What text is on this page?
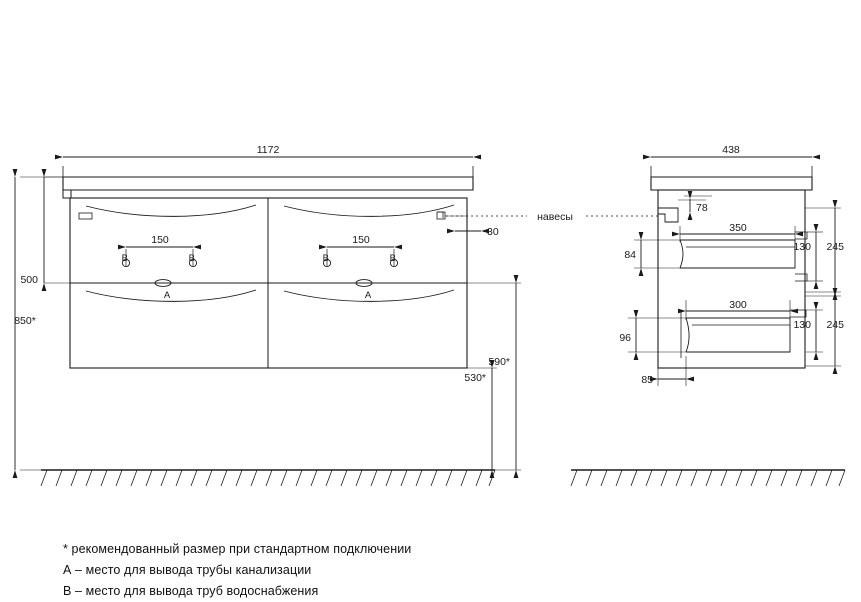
1172
850*
500
150
B	B
150
B	B
A	A
30
навесы
590*
530*
438
78
350
300
84
96
85
130 245
130 245
* рекомендованный размер при стандартном подключении
А – место для вывода трубы канализации
В – место для вывода труб водоснабжения
